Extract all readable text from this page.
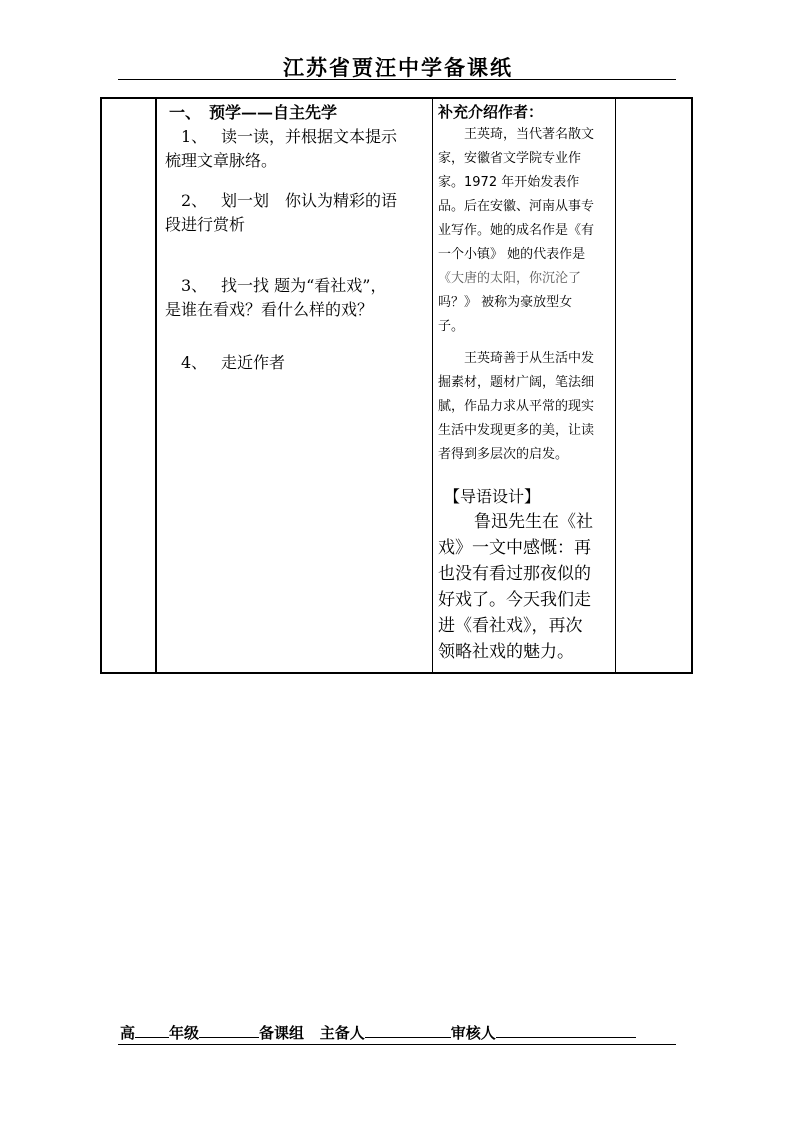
江苏省贾汪中学备课纸
一、　预学——自主先学
1、 读一读，并根据文本提示
梳理文章脉络。
2、 划一划　你认为精彩的语
段进行赏析
3、 找一找 题为“看社戏”，
是谁在看戏？看什么样的戏？
4、 走近作者
补充介绍作者：
王英琦，当代著名散文
家，安徽省文学院专业作
家。1972 年开始发表作
品。后在安徽、河南从事专
业写作。她的成名作是《有
一个小镇》 她的代表作是
《大唐的太阳，你沉沦了
吗？》 被称为豪放型女
子。
王英琦善于从生活中发
掘素材，题材广阔，笔法细
腻，作品力求从平常的现实
生活中发现更多的美，让读
者得到多层次的启发。
【导语设计】
鲁迅先生在《社
戏》一文中感慨：再
也没有看过那夜似的
好戏了。今天我们走
进《看社戏》，再次
领略社戏的魅力。
高 年级	备课组 主备人	审核人
